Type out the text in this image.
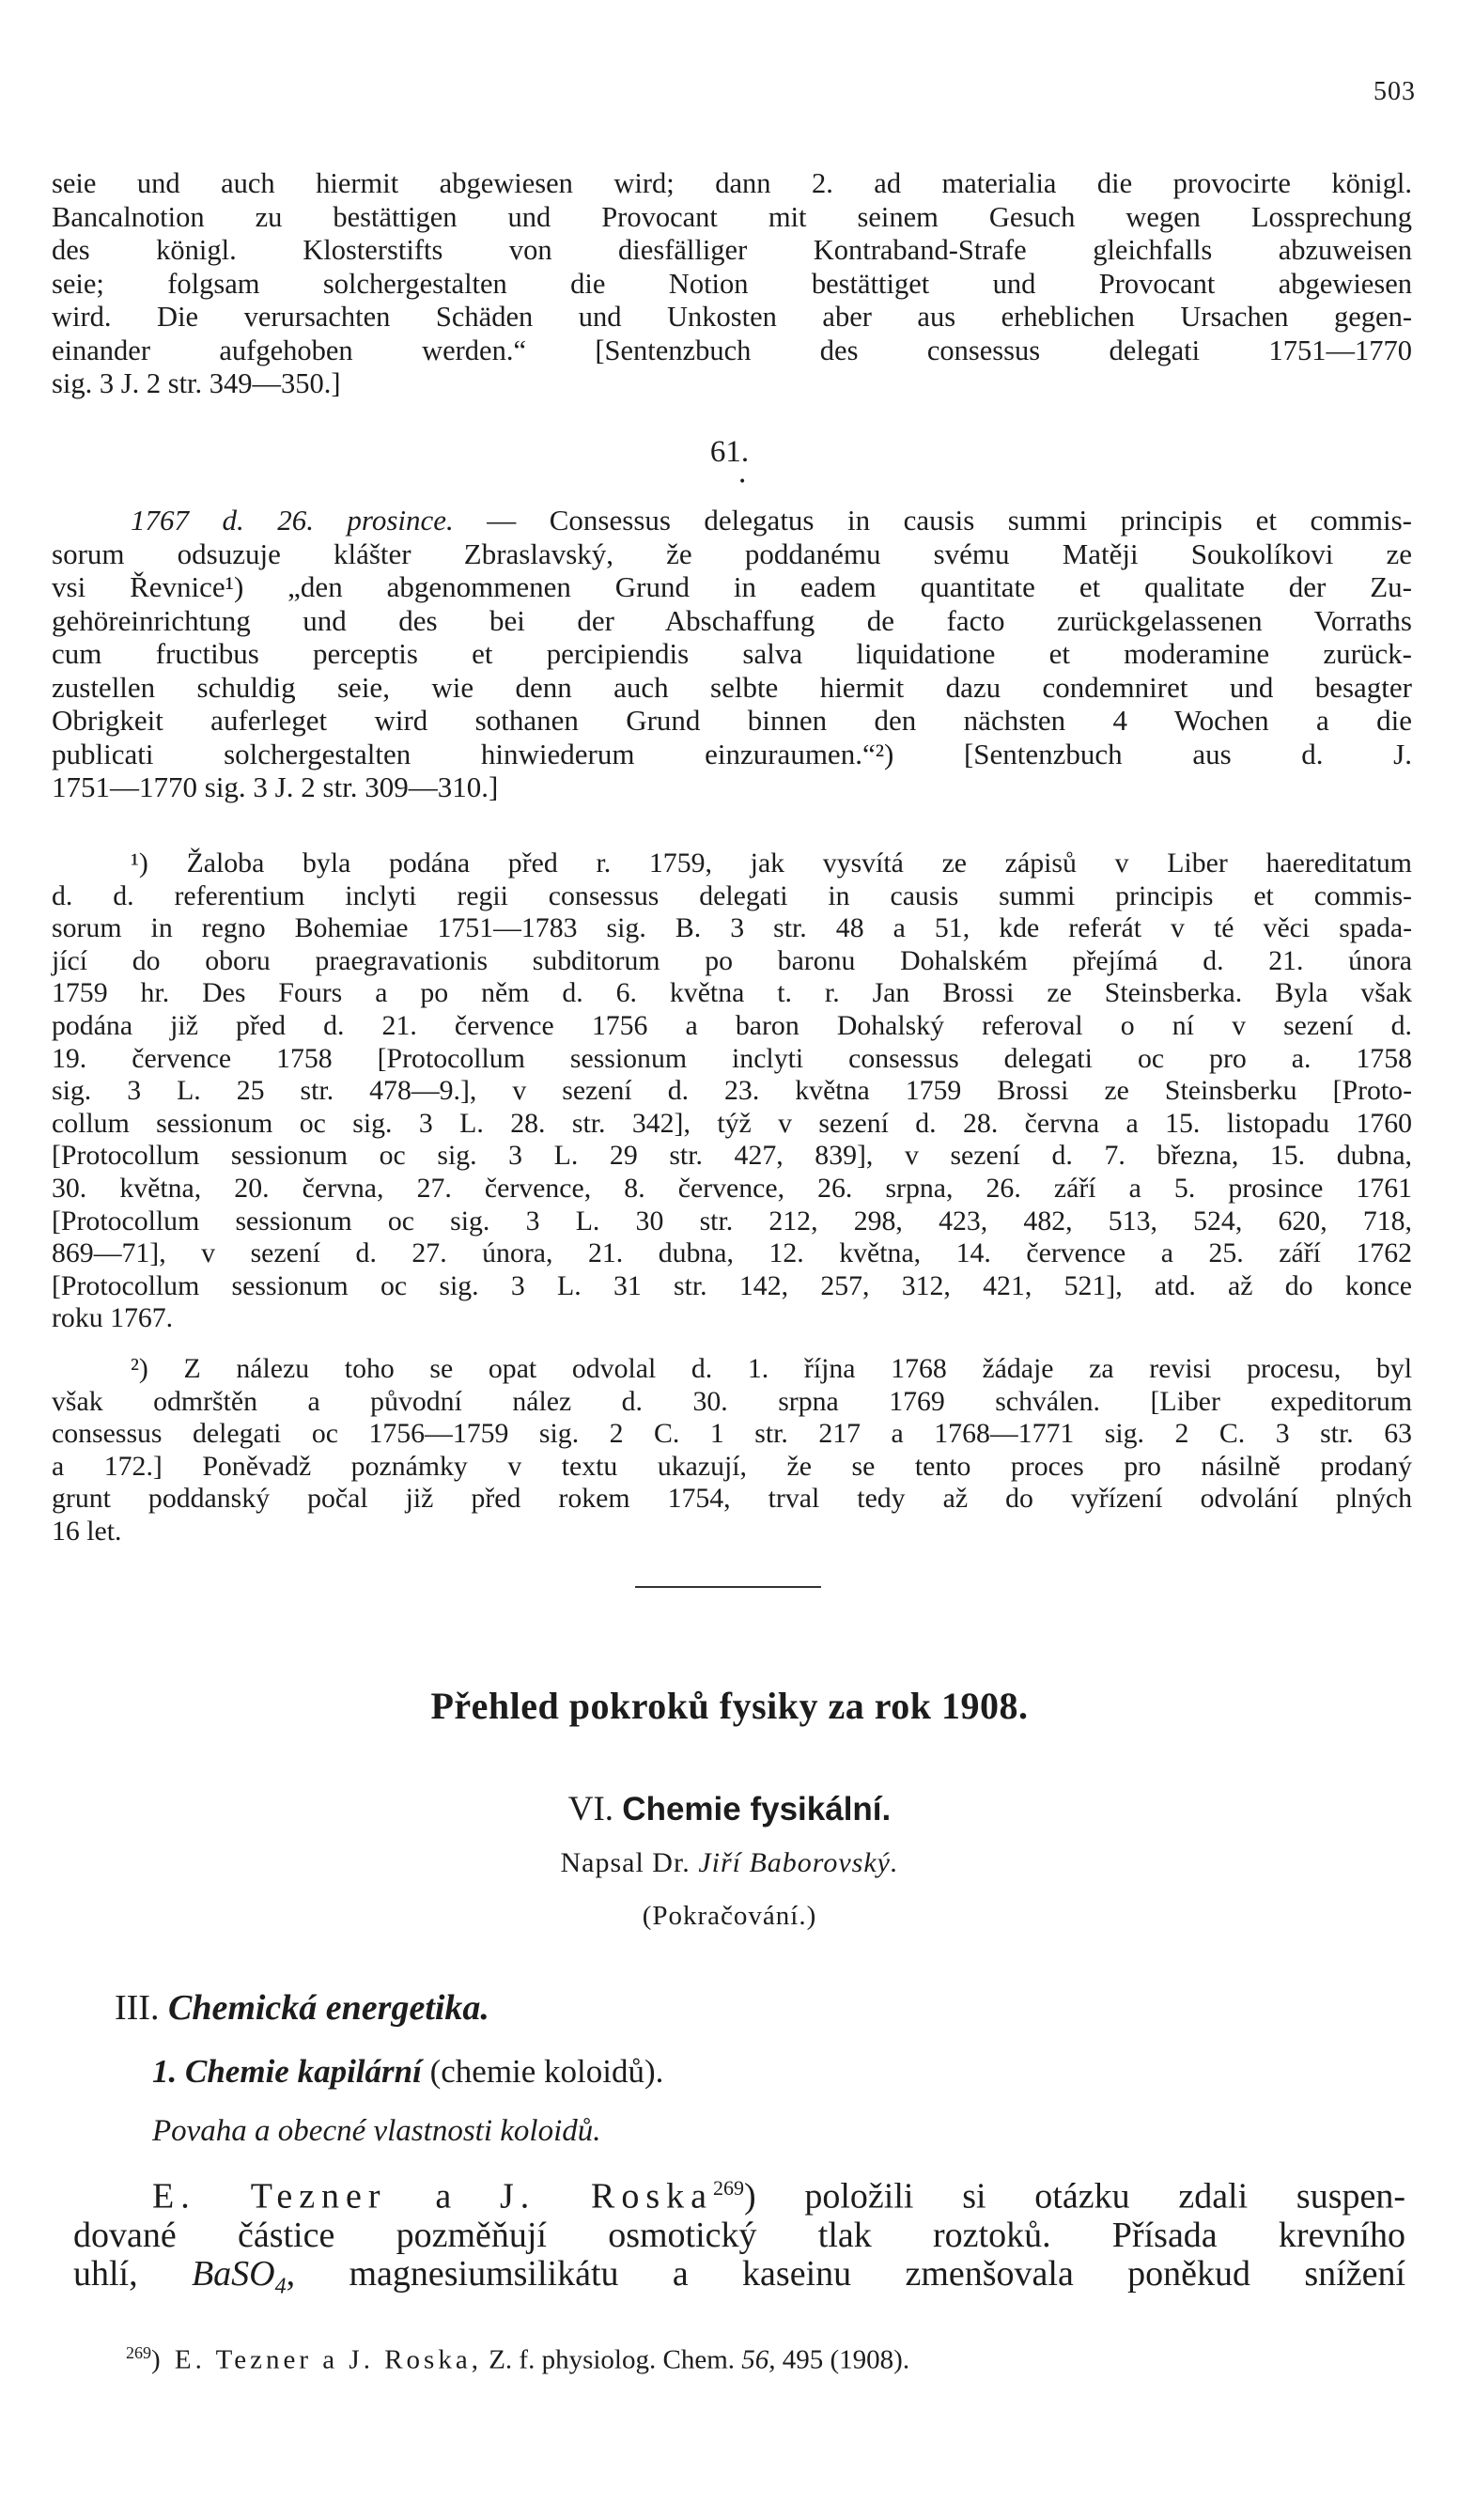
503
seie und auch hiermit abgewiesen wird; dann 2. ad materialia die provocirte königl.
Bancalnotion zu bestättigen und Provocant mit seinem Gesuch wegen Lossprechung
des königl. Klosterstifts von diesfälliger Kontraband-Strafe gleichfalls abzuweisen
seie; folgsam solchergestalten die Notion bestättiget und Provocant abgewiesen
wird. Die verursachten Schäden und Unkosten aber aus erheblichen Ursachen gegen-
einander aufgehoben werden.“ [Sentenzbuch des consessus delegati 1751—1770
sig. 3 J. 2 str. 349—350.]
61.
•
1767 d. 26. prosince. — Consessus delegatus in causis summi principis et commis-
sorum odsuzuje klášter Zbraslavský, že poddanému svému Matěji Soukolíkovi ze
vsi Řevnice¹) „den abgenommenen Grund in eadem quantitate et qualitate der Zu-
gehöreinrichtung und des bei der Abschaffung de facto zurückgelassenen Vorraths
cum fructibus perceptis et percipiendis salva liquidatione et moderamine zurück-
zustellen schuldig seie, wie denn auch selbte hiermit dazu condemniret und besagter
Obrigkeit auferleget wird sothanen Grund binnen den nächsten 4 Wochen a die
publicati solchergestalten hinwiederum einzuraumen.“²) [Sentenzbuch aus d. J.
1751—1770 sig. 3 J. 2 str. 309—310.]
¹) Žaloba byla podána před r. 1759, jak vysvítá ze zápisů v Liber haereditatum
d. d. referentium inclyti regii consessus delegati in causis summi principis et commis-
sorum in regno Bohemiae 1751—1783 sig. B. 3 str. 48 a 51, kde referát v té věci spada-
jící do oboru praegravationis subditorum po baronu Dohalském přejímá d. 21. února
1759 hr. Des Fours a po něm d. 6. května t. r. Jan Brossi ze Steinsberka. Byla však
podána již před d. 21. července 1756 a baron Dohalský referoval o ní v sezení d.
19. července 1758 [Protocollum sessionum inclyti consessus delegati oc pro a. 1758
sig. 3 L. 25 str. 478—9.], v sezení d. 23. května 1759 Brossi ze Steinsberku [Proto-
collum sessionum oc sig. 3 L. 28. str. 342], týž v sezení d. 28. června a 15. listopadu 1760
[Protocollum sessionum oc sig. 3 L. 29 str. 427, 839], v sezení d. 7. března, 15. dubna,
30. května, 20. června, 27. července, 8. července, 26. srpna, 26. září a 5. prosince 1761
[Protocollum sessionum oc sig. 3 L. 30 str. 212, 298, 423, 482, 513, 524, 620, 718,
869—71], v sezení d. 27. února, 21. dubna, 12. května, 14. července a 25. září 1762
[Protocollum sessionum oc sig. 3 L. 31 str. 142, 257, 312, 421, 521], atd. až do konce
roku 1767.
²) Z nálezu toho se opat odvolal d. 1. října 1768 žádaje za revisi procesu, byl
však odmrštěn a původní nález d. 30. srpna 1769 schválen. [Liber expeditorum
consessus delegati oc 1756—1759 sig. 2 C. 1 str. 217 a 1768—1771 sig. 2 C. 3 str. 63
a 172.] Poněvadž poznámky v textu ukazují, že se tento proces pro násilně prodaný
grunt poddanský počal již před rokem 1754, trval tedy až do vyřízení odvolání plných
16 let.
Přehled pokroků fysiky za rok 1908.
VI. Chemie fysikální.
Napsal Dr. Jiří Baborovský.
(Pokračování.)
III. Chemická energetika.
1. Chemie kapilární (chemie koloidů).
Povaha a obecné vlastnosti koloidů.
E. Tezner a J. Roska$^{269}$) položili si otázku zdali suspen-
dované částice pozměňují osmotický tlak roztoků. Přísada krevního
uhlí, BaSO$_4$, magnesiumsilikátu a kaseinu zmenšovala poněkud snížení
$^{269}$) E. Tezner a J. Roska, Z. f. physiolog. Chem. 56, 495 (1908).
